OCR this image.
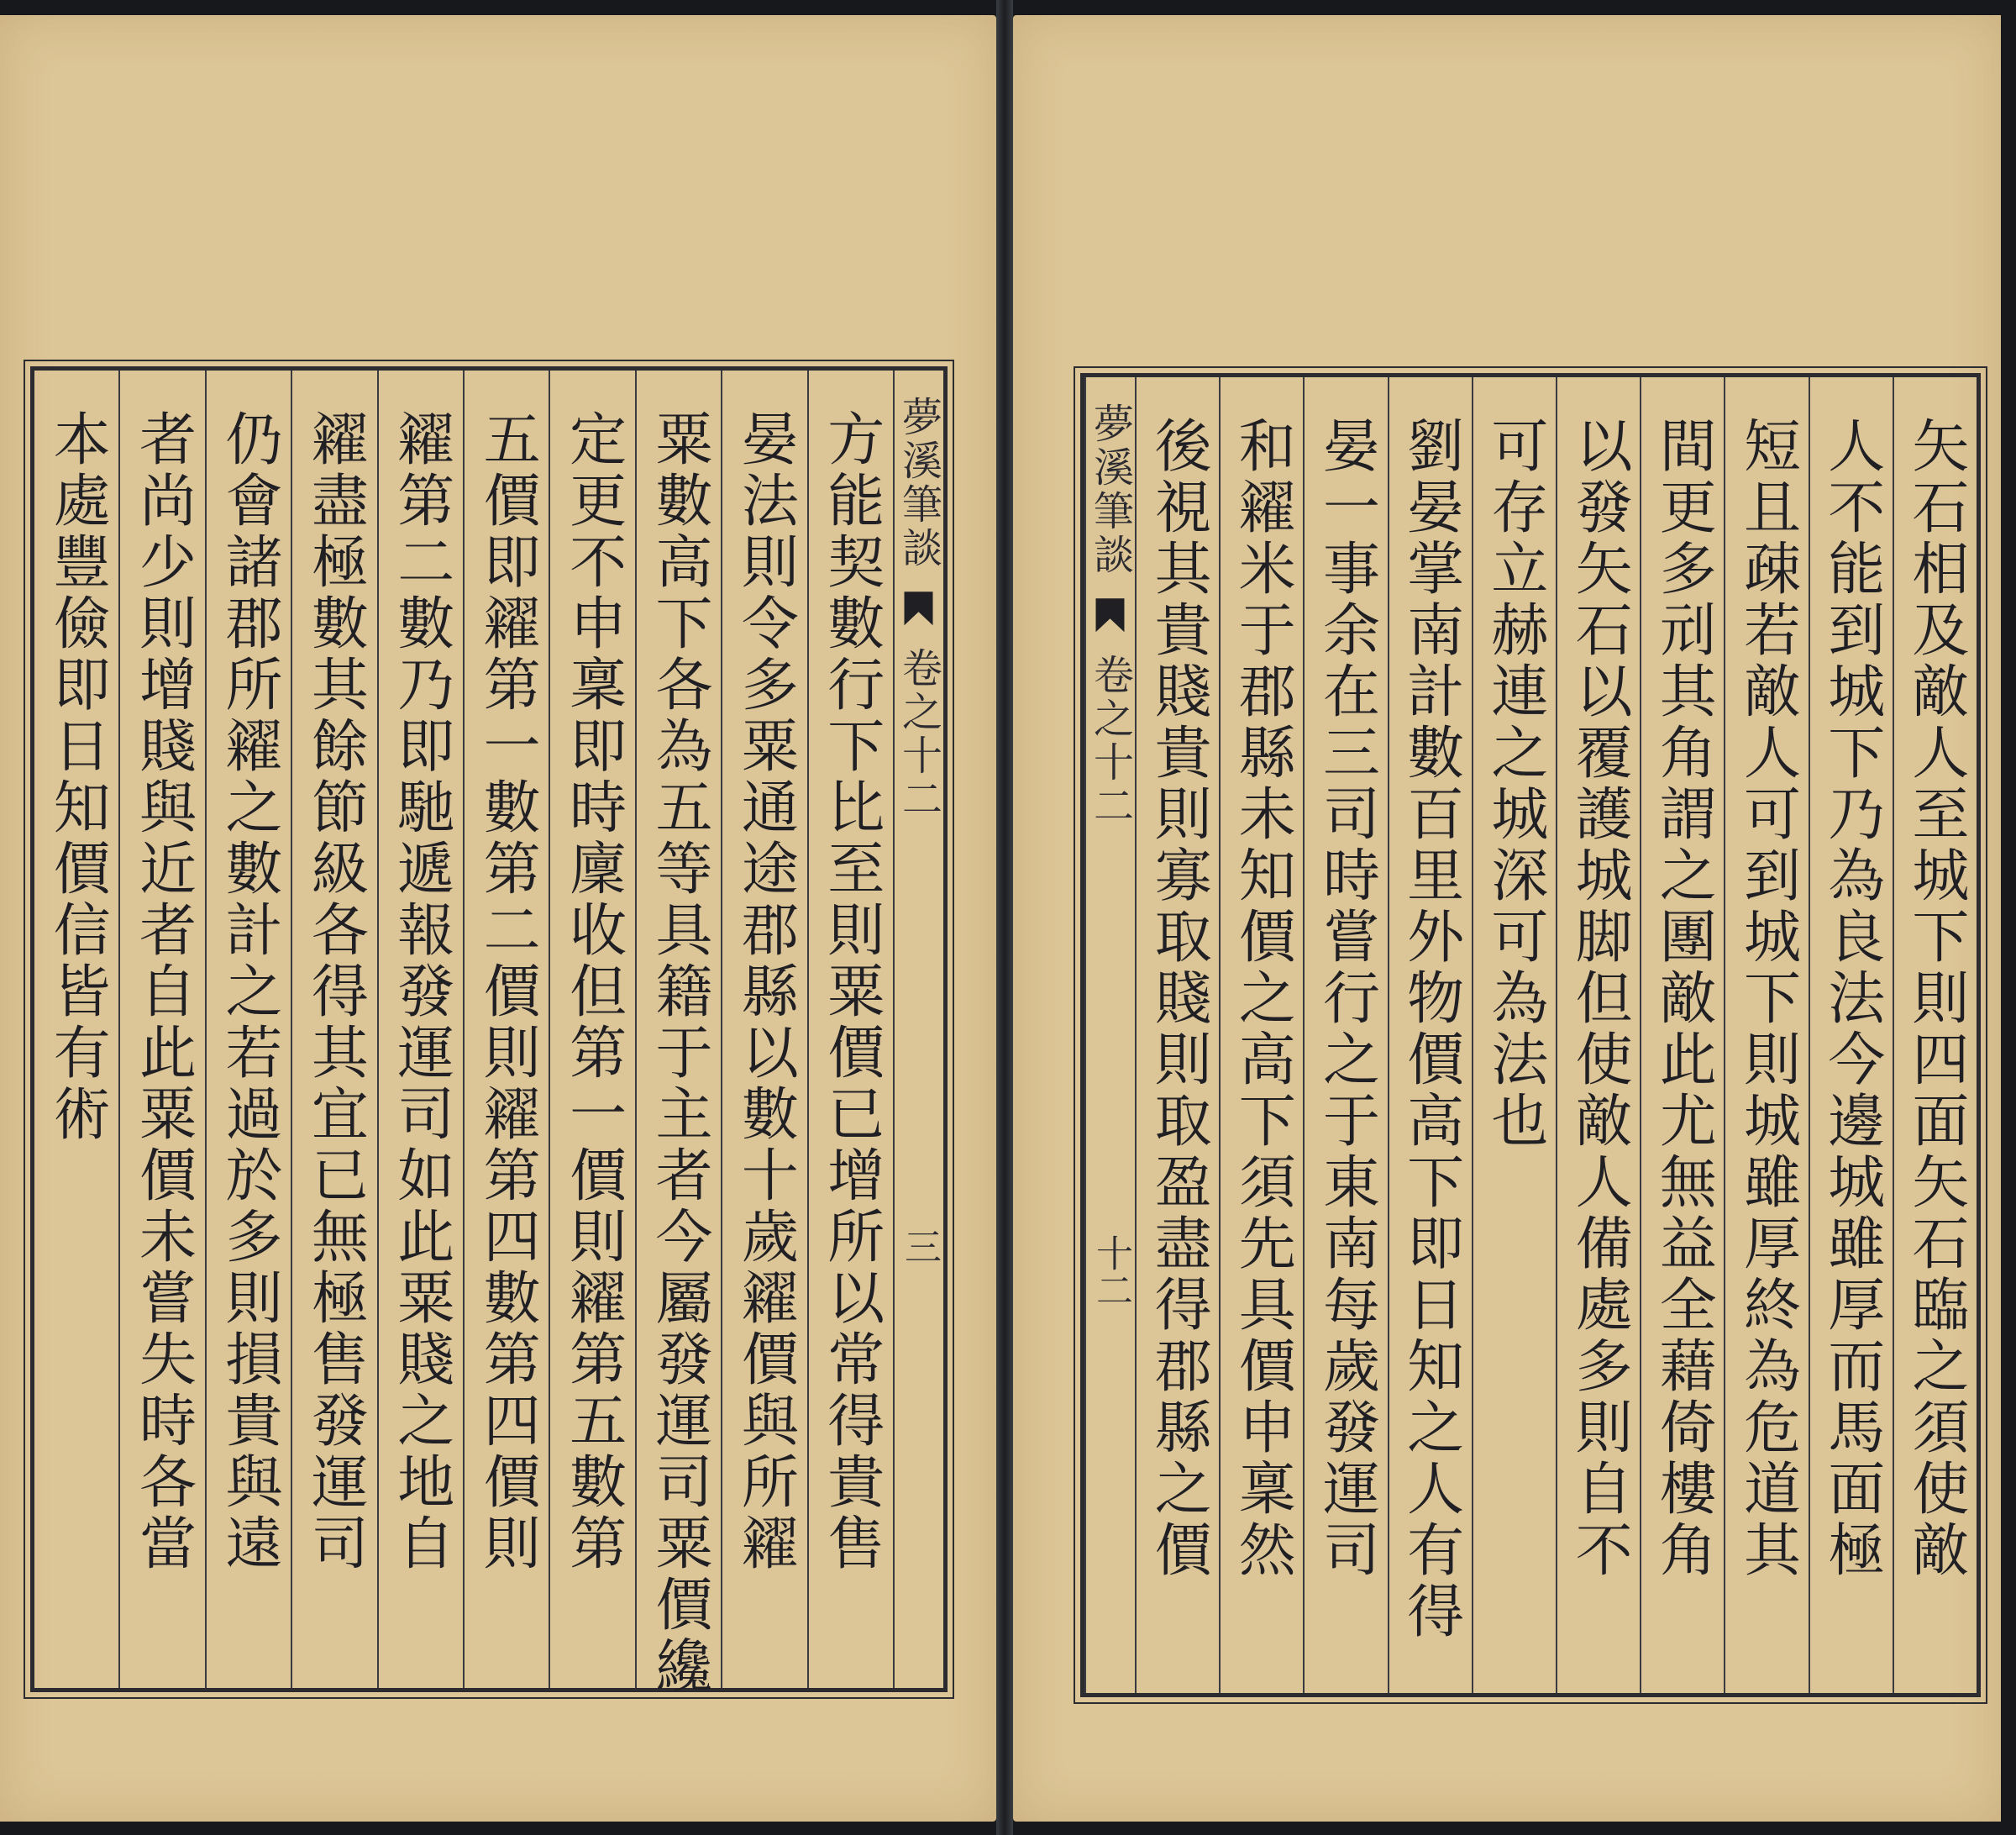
夢溪筆談  卷之十二
三
方能契數行下比至則粟價已增所以常得貴售
晏法則令多粟通途郡縣以數十歲糴價與所糴
粟數高下各為五等具籍于主者今屬發運司粟價纔
定更不申稟即時廩收但第一價則糴第五數第
五價即糴第一數第二價則糴第四數第四價則
糴第二數乃即馳遞報發運司如此粟賤之地自
糴盡極數其餘節級各得其宜已無極售發運司
仍會諸郡所糴之數計之若過於多則損貴與遠
者尚少則增賤與近者自此粟價未嘗失時各當
本處豐儉即日知價信皆有術	矢石相及敵人至城下則四面矢石臨之須使敵
人不能到城下乃為良法今邊城雖厚而馬面極
短且疎若敵人可到城下則城雖厚終為危道其
間更多刓其角謂之團敵此尤無益全藉倚樓角
以發矢石以覆護城脚但使敵人備處多則自不
可存立赫連之城深可為法也
劉晏掌南計數百里外物價高下即日知之人有得
晏一事余在三司時嘗行之于東南每歲發運司
和糴米于郡縣未知價之高下須先具價申稟然
後視其貴賤貴則寡取賤則取盈盡得郡縣之價
夢溪筆談  卷之十二
十二
